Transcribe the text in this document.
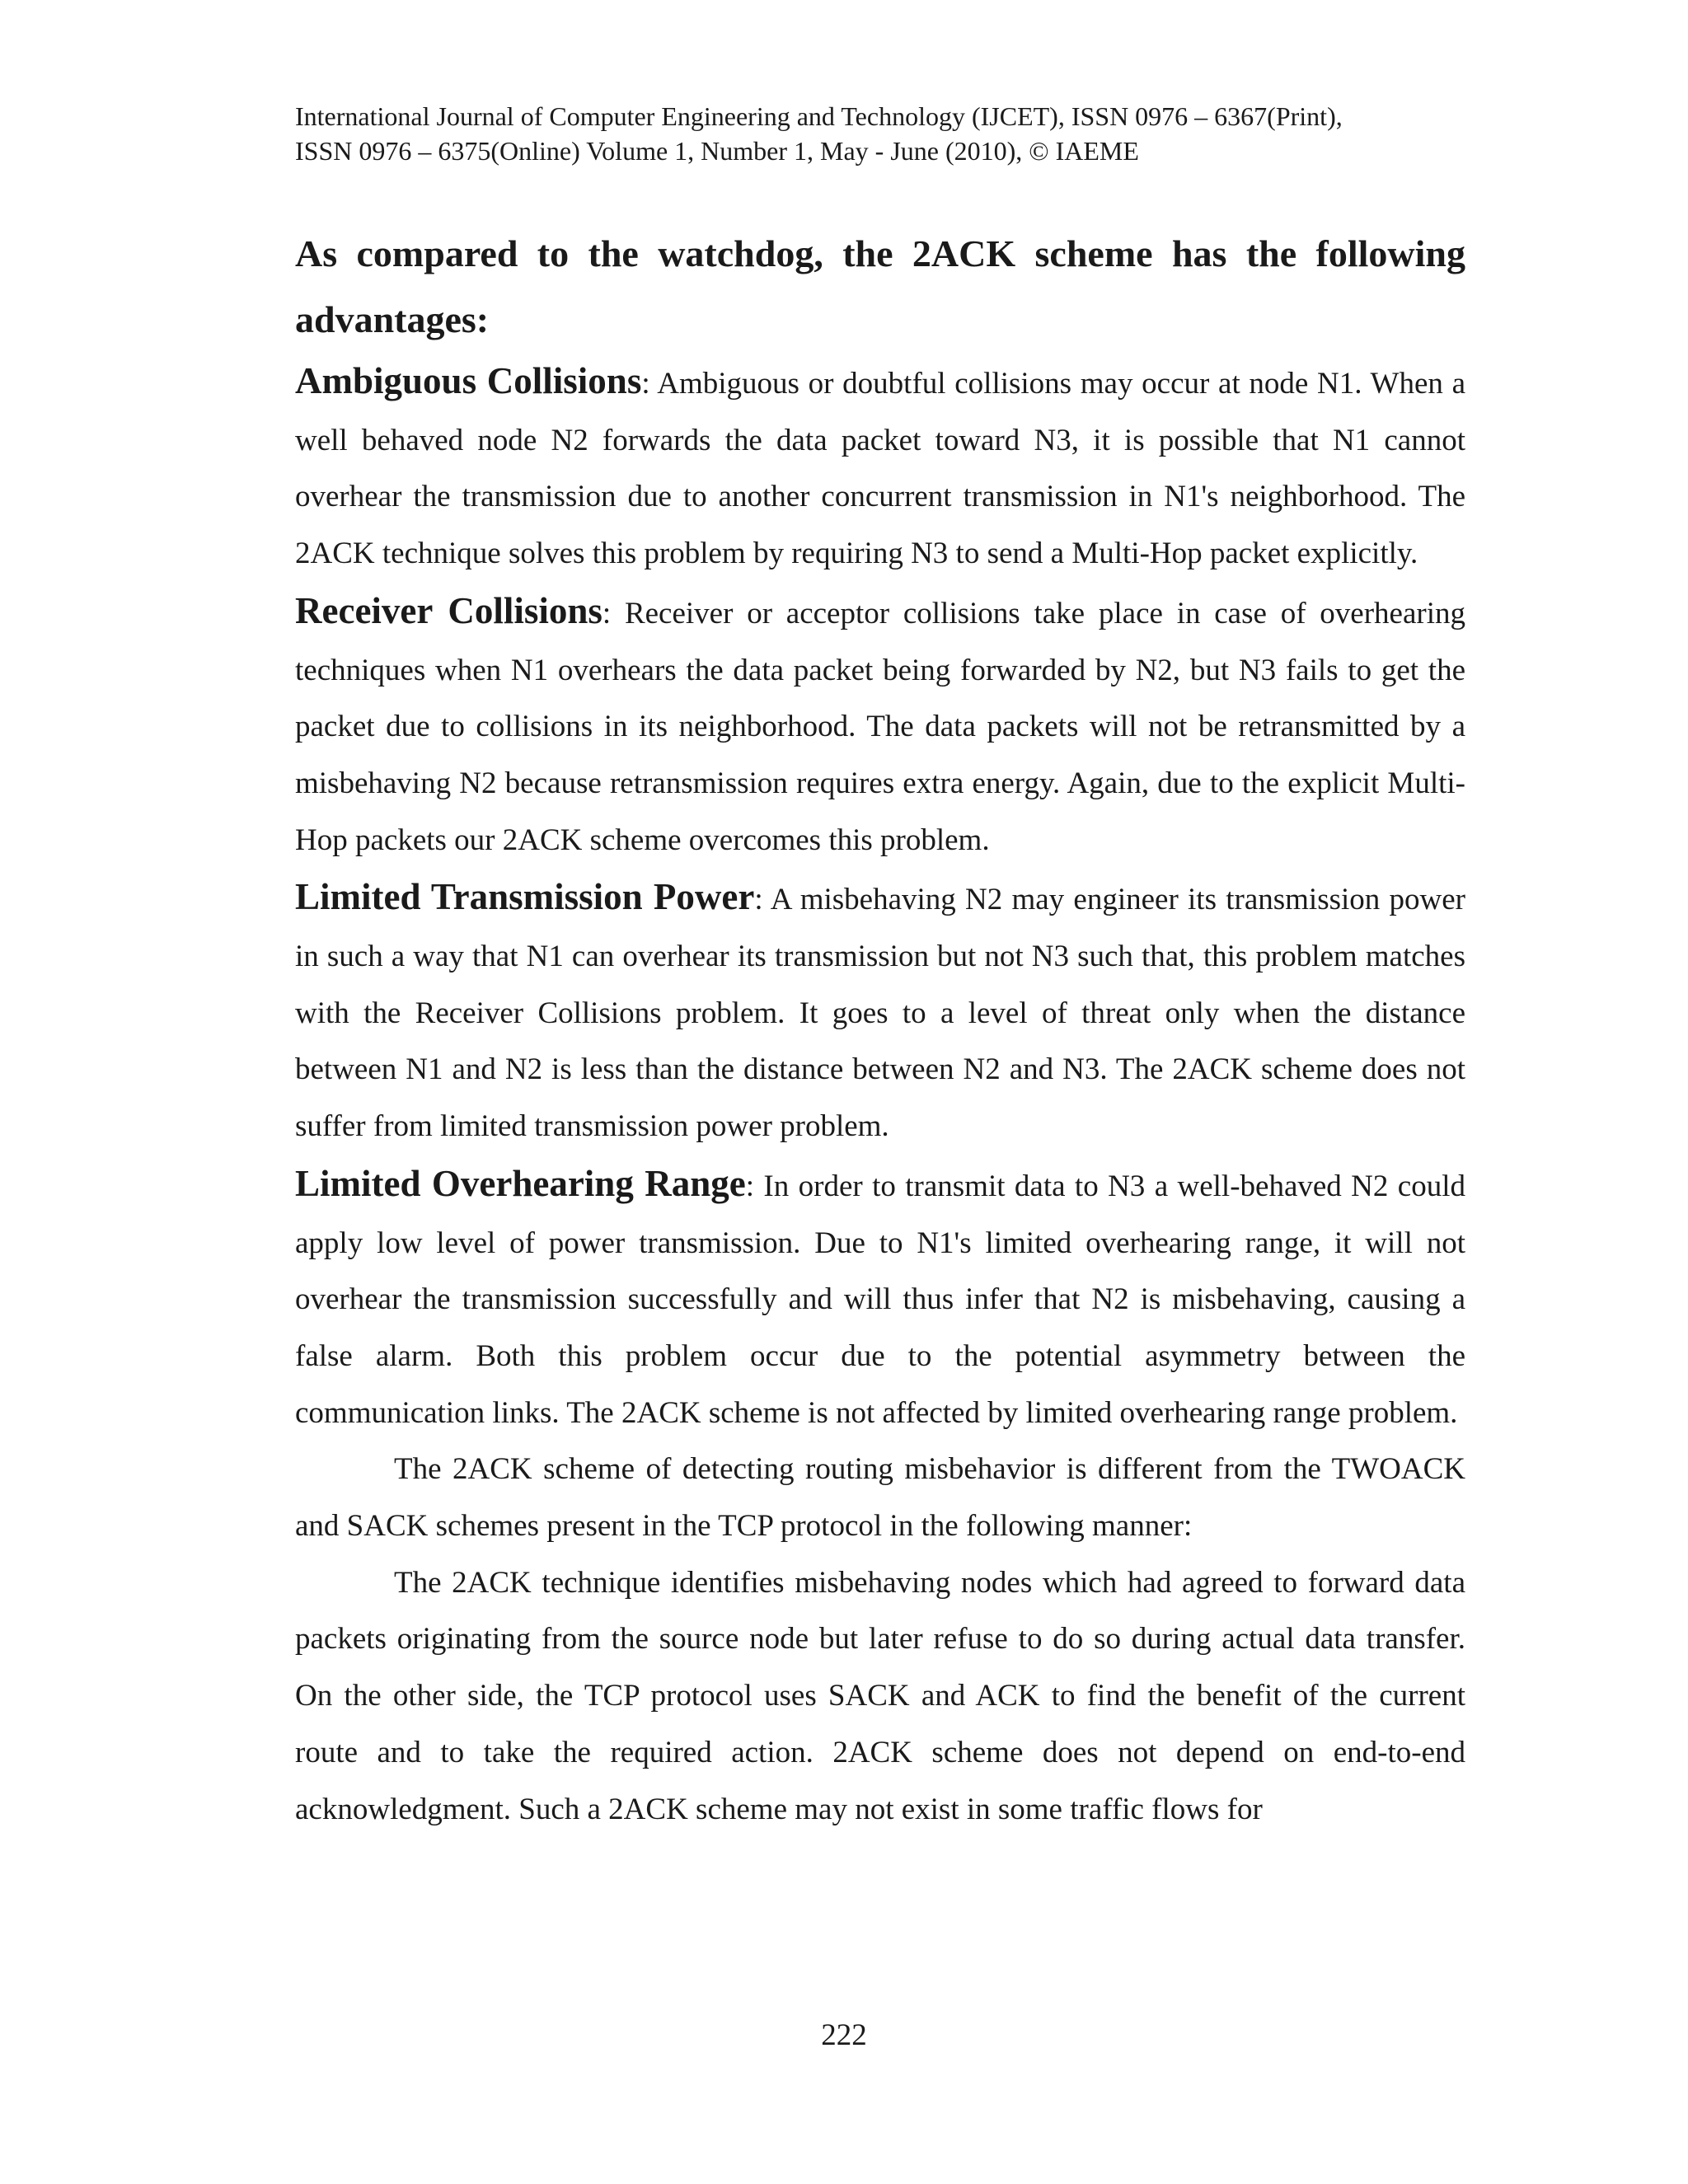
International Journal of Computer Engineering and Technology (IJCET), ISSN 0976 – 6367(Print),
ISSN 0976 – 6375(Online) Volume 1, Number 1, May - June (2010), © IAEME

As compared to the watchdog, the 2ACK scheme has the following advantages:

Ambiguous Collisions: Ambiguous or doubtful collisions may occur at node N1. When a well behaved node N2 forwards the data packet toward N3, it is possible that N1 cannot overhear the transmission due to another concurrent transmission in N1's neighborhood. The 2ACK technique solves this problem by requiring N3 to send a Multi-Hop packet explicitly.

Receiver Collisions: Receiver or acceptor collisions take place in case of overhearing techniques when N1 overhears the data packet being forwarded by N2, but N3 fails to get the packet due to collisions in its neighborhood. The data packets will not be retransmitted by a misbehaving N2 because retransmission requires extra energy. Again, due to the explicit Multi-Hop packets our 2ACK scheme overcomes this problem.

Limited Transmission Power: A misbehaving N2 may engineer its transmission power in such a way that N1 can overhear its transmission but not N3 such that, this problem matches with the Receiver Collisions problem. It goes to a level of threat only when the distance between N1 and N2 is less than the distance between N2 and N3. The 2ACK scheme does not suffer from limited transmission power problem.

Limited Overhearing Range: In order to transmit data to N3 a well-behaved N2 could apply low level of power transmission. Due to N1's limited overhearing range, it will not overhear the transmission successfully and will thus infer that N2 is misbehaving, causing a false alarm. Both this problem occur due to the potential asymmetry between the communication links. The 2ACK scheme is not affected by limited overhearing range problem.

The 2ACK scheme of detecting routing misbehavior is different from the TWOACK and SACK schemes present in the TCP protocol in the following manner:

The 2ACK technique identifies misbehaving nodes which had agreed to forward data packets originating from the source node but later refuse to do so during actual data transfer. On the other side, the TCP protocol uses SACK and ACK to find the benefit of the current route and to take the required action. 2ACK scheme does not depend on end-to-end acknowledgment. Such a 2ACK scheme may not exist in some traffic flows for

222
